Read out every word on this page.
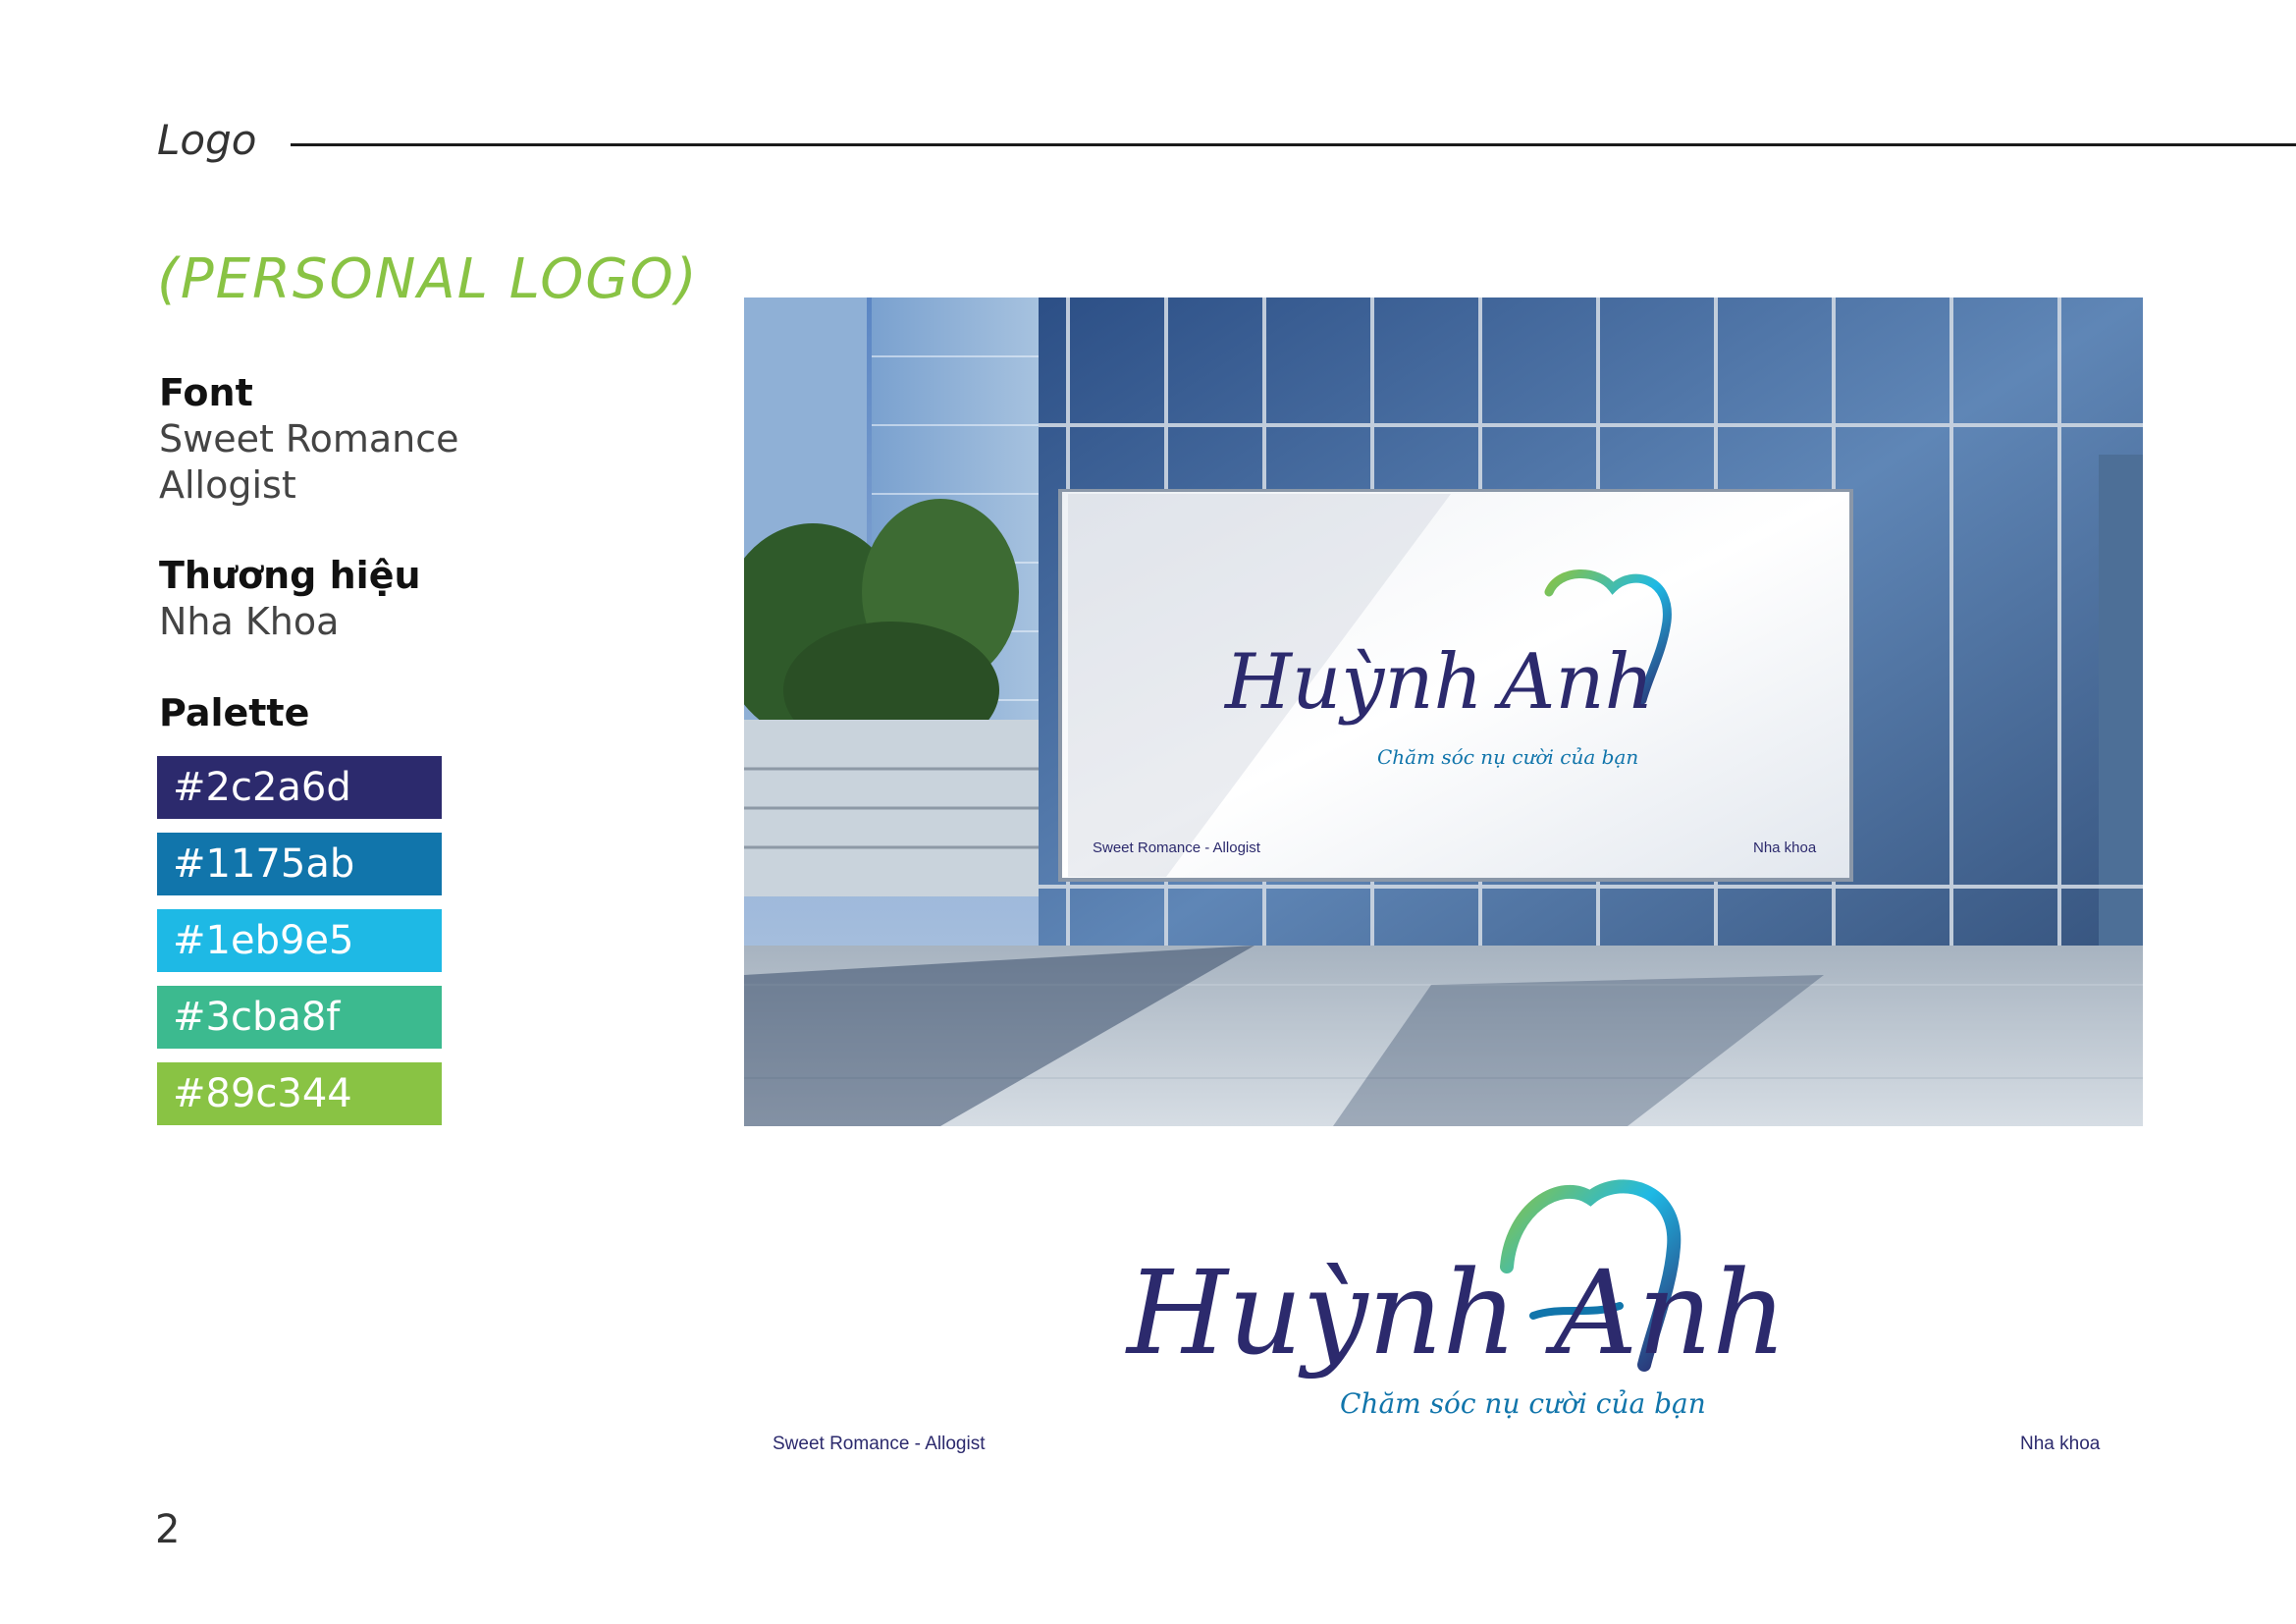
Logo
(PERSONAL LOGO)
Font
Sweet Romance
Allogist
Thương hiệu
Nha Khoa
Palette
#2c2a6d
#1175ab
#1eb9e5
#3cba8f
#89c344
Huỳnh Anh
Chăm sóc nụ cười của bạn
Sweet Romance - Allogist	Nha khoa
Huỳnh Anh
Chăm sóc nụ cười của bạn
Sweet Romance - Allogist	Nha khoa
2
